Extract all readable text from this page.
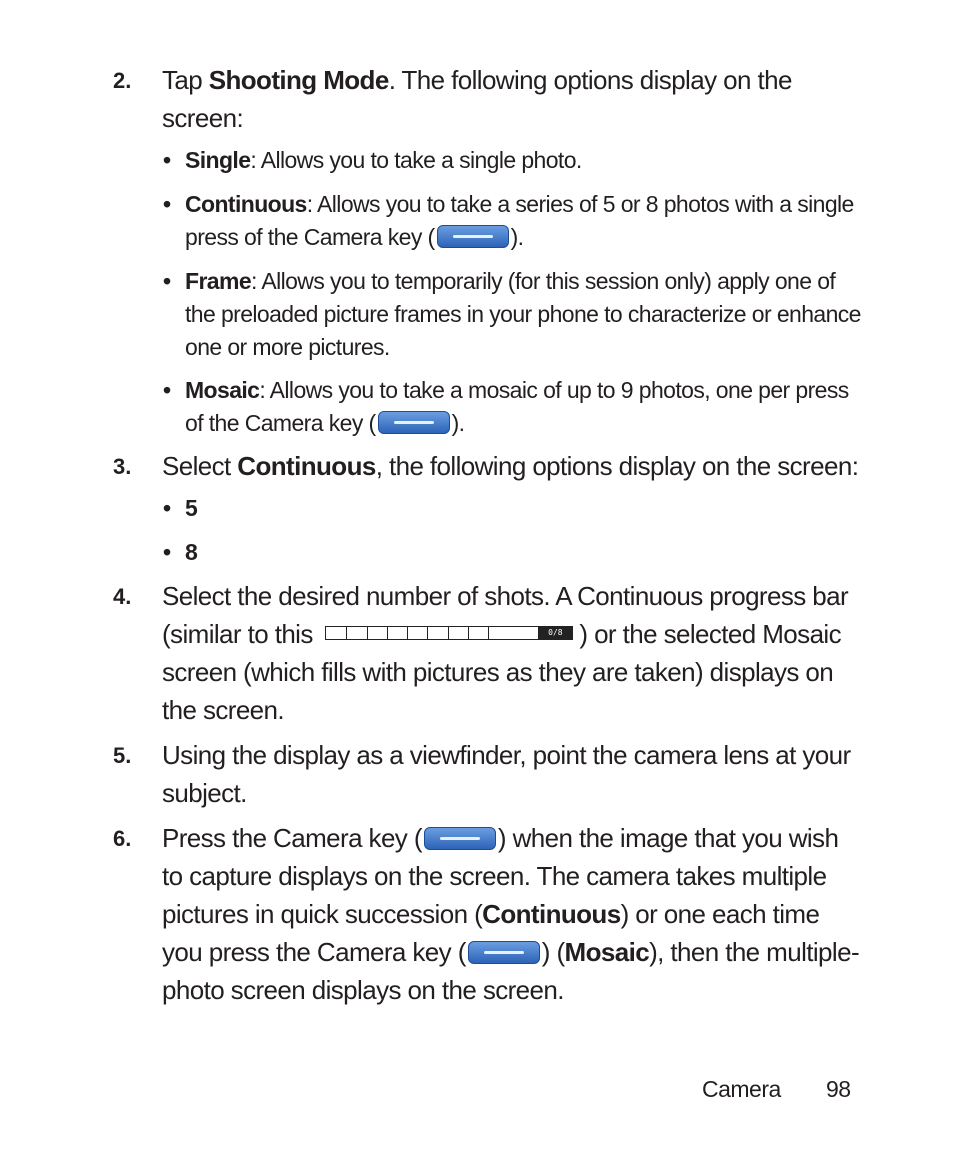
2. Tap Shooting Mode. The following options display on the screen:
• Single: Allows you to take a single photo.
• Continuous: Allows you to take a series of 5 or 8 photos with a single press of the Camera key (	).
• Frame: Allows you to temporarily (for this session only) apply one of the preloaded picture frames in your phone to characterize or enhance one or more pictures.
• Mosaic: Allows you to take a mosaic of up to 9 photos, one per press of the Camera key (	).
3. Select Continuous, the following options display on the screen:
• 5
• 8
4. Select the desired number of shots. A Continuous progress bar (similar to this	0/8 ) or the selected Mosaic screen (which fills with pictures as they are taken) displays on the screen.
5. Using the display as a viewfinder, point the camera lens at your subject.
6. Press the Camera key (	) when the image that you wish to capture displays on the screen. The camera takes multiple pictures in quick succession (Continuous) or one each time you press the Camera key (	) (Mosaic), then the multiple-photo screen displays on the screen.
Camera 98
